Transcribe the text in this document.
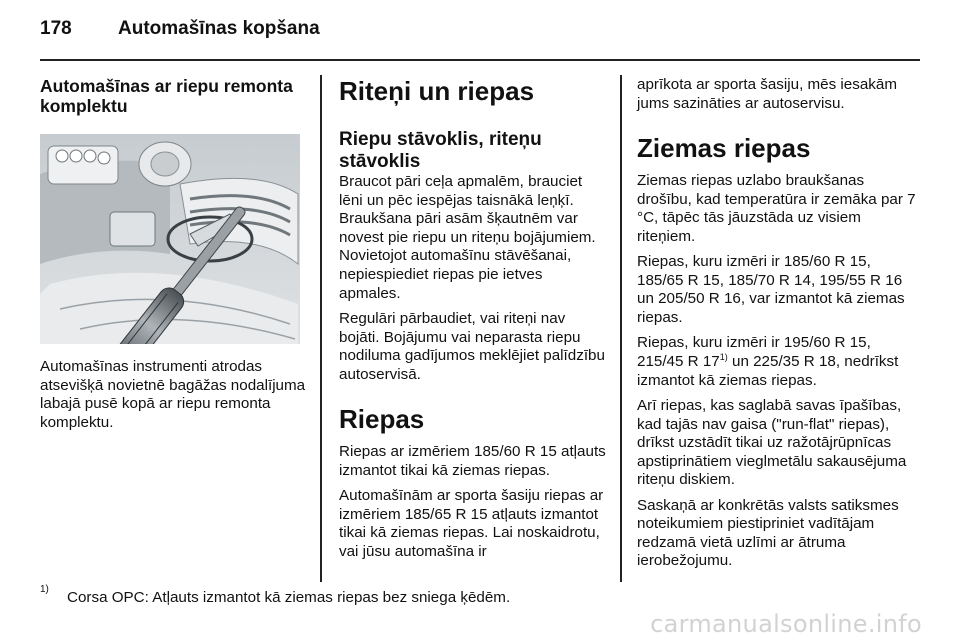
178 Automašīnas kopšana
Automašīnas ar riepu remonta komplektu

Automašīnas instrumenti atrodas atsevišķā novietnē bagāžas nodalījuma labajā pusē kopā ar riepu remonta komplektu.

Riteņi un riepas
Riepu stāvoklis, riteņu stāvoklis

Braucot pāri ceļa apmalēm, brauciet lēni un pēc iespējas taisnākā leņķī. Braukšana pāri asām šķautnēm var novest pie riepu un riteņu bojājumiem. Novietojot automašīnu stāvēšanai, nepiespiediet riepas pie ietves apmales.

Regulāri pārbaudiet, vai riteņi nav bojāti. Bojājumu vai neparasta riepu nodiluma gadījumos meklējiet palīdzību autoservisā.

Riepas

Riepas ar izmēriem 185/60 R 15 atļauts izmantot tikai kā ziemas riepas.

Automašīnām ar sporta šasiju riepas ar izmēriem 185/65 R 15 atļauts izmantot tikai kā ziemas riepas. Lai noskaidrotu, vai jūsu automašīna ir

aprīkota ar sporta šasiju, mēs iesakām jums sazināties ar autoservisu.

Ziemas riepas

Ziemas riepas uzlabo braukšanas drošību, kad temperatūra ir zemāka par 7 °C, tāpēc tās jāuzstāda uz visiem riteņiem.

Riepas, kuru izmēri ir 185/60 R 15, 185/65 R 15, 185/70 R 14, 195/55 R 16 un 205/50 R 16, var izmantot kā ziemas riepas.

Riepas, kuru izmēri ir 195/60 R 15, 215/45 R 17$^{1)}$ un 225/35 R 18, nedrīkst izmantot kā ziemas riepas.

Arī riepas, kas saglabā savas īpašības, kad tajās nav gaisa ("run-flat" riepas), drīkst uzstādīt tikai uz ražotājrūpnīcas apstiprinātiem vieglmetālu sakausējuma riteņu diskiem.

Saskaņā ar konkrētās valsts satiksmes noteikumiem piestipriniet vadītājam redzamā vietā uzlīmi ar ātruma ierobežojumu.

1) Corsa OPC: Atļauts izmantot kā ziemas riepas bez sniega ķēdēm.
carmanualsonline.info
